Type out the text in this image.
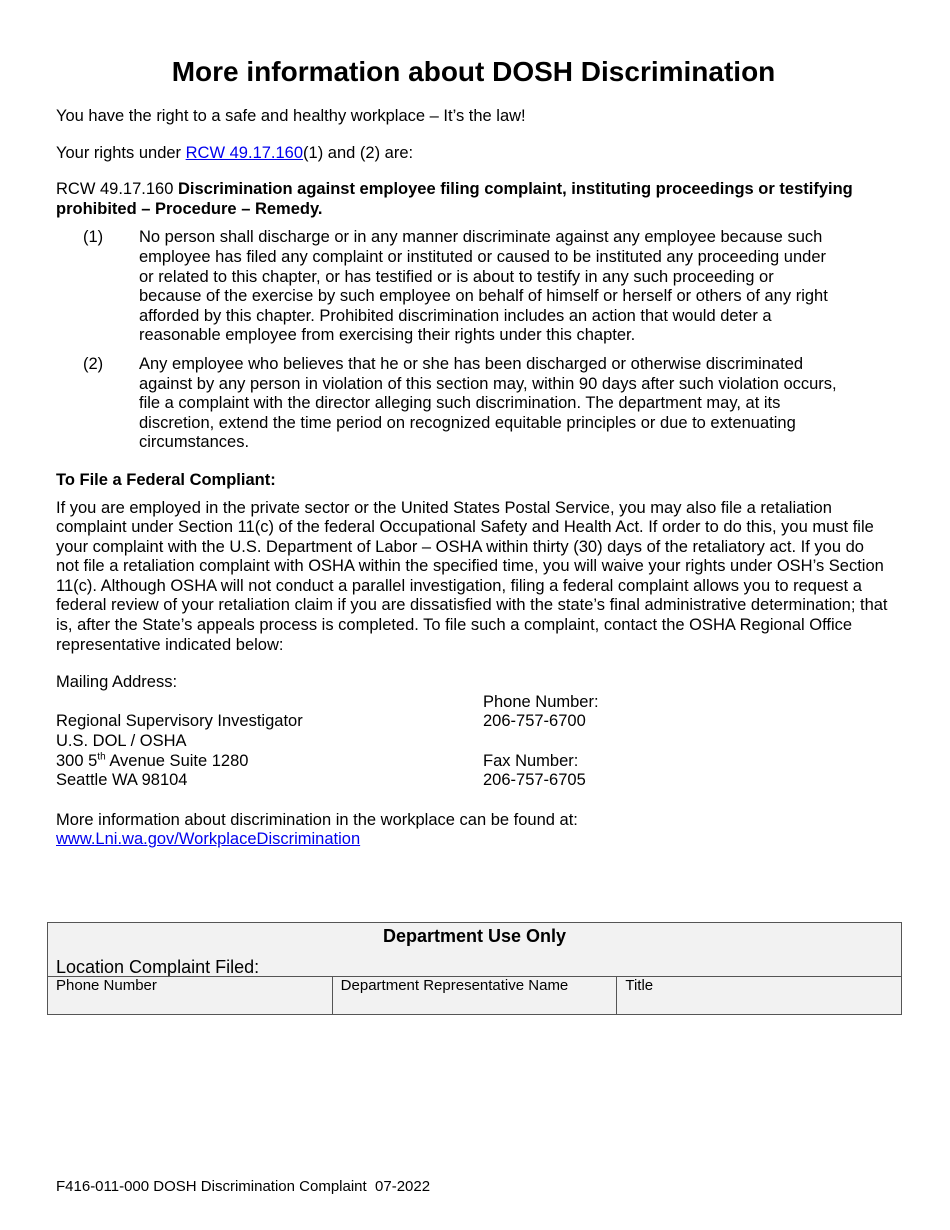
More information about DOSH Discrimination

You have the right to a safe and healthy workplace – It’s the law!

Your rights under RCW 49.17.160(1) and (2) are:

RCW 49.17.160 Discrimination against employee filing complaint, instituting proceedings or testifying prohibited – Procedure – Remedy.

(1)	No person shall discharge or in any manner discriminate against any employee because such employee has filed any complaint or instituted or caused to be instituted any proceeding under or related to this chapter, or has testified or is about to testify in any such proceeding or because of the exercise by such employee on behalf of himself or herself or others of any right afforded by this chapter. Prohibited discrimination includes an action that would deter a reasonable employee from exercising their rights under this chapter.
(2)	Any employee who believes that he or she has been discharged or otherwise discriminated against by any person in violation of this section may, within 90 days after such violation occurs, file a complaint with the director alleging such discrimination. The department may, at its discretion, extend the time period on recognized equitable principles or due to extenuating circumstances.

To File a Federal Compliant:

If you are employed in the private sector or the United States Postal Service, you may also file a retaliation complaint under Section 11(c) of the federal Occupational Safety and Health Act. If order to do this, you must file your complaint with the U.S. Department of Labor – OSHA within thirty (30) days of the retaliatory act. If you do not file a retaliation complaint with OSHA within the specified time, you will waive your rights under OSH’s Section 11(c). Although OSHA will not conduct a parallel investigation, filing a federal complaint allows you to request a federal review of your retaliation claim if you are dissatisfied with the state’s final administrative determination; that is, after the State’s appeals process is completed. To file such a complaint, contact the OSHA Regional Office representative indicated below:

Mailing Address:

Regional Supervisory Investigator
U.S. DOL / OSHA
300 5th Avenue Suite 1280
Seattle WA 98104
Phone Number:
206-757-6700
Fax Number:
206-757-6705

More information about discrimination in the workplace can be found at:

www.Lni.wa.gov/WorkplaceDiscrimination

Department Use Only
Location Complaint Filed:
Phone Number	Department Representative Name	Title
F416-011-000 DOSH Discrimination Complaint  07-2022
